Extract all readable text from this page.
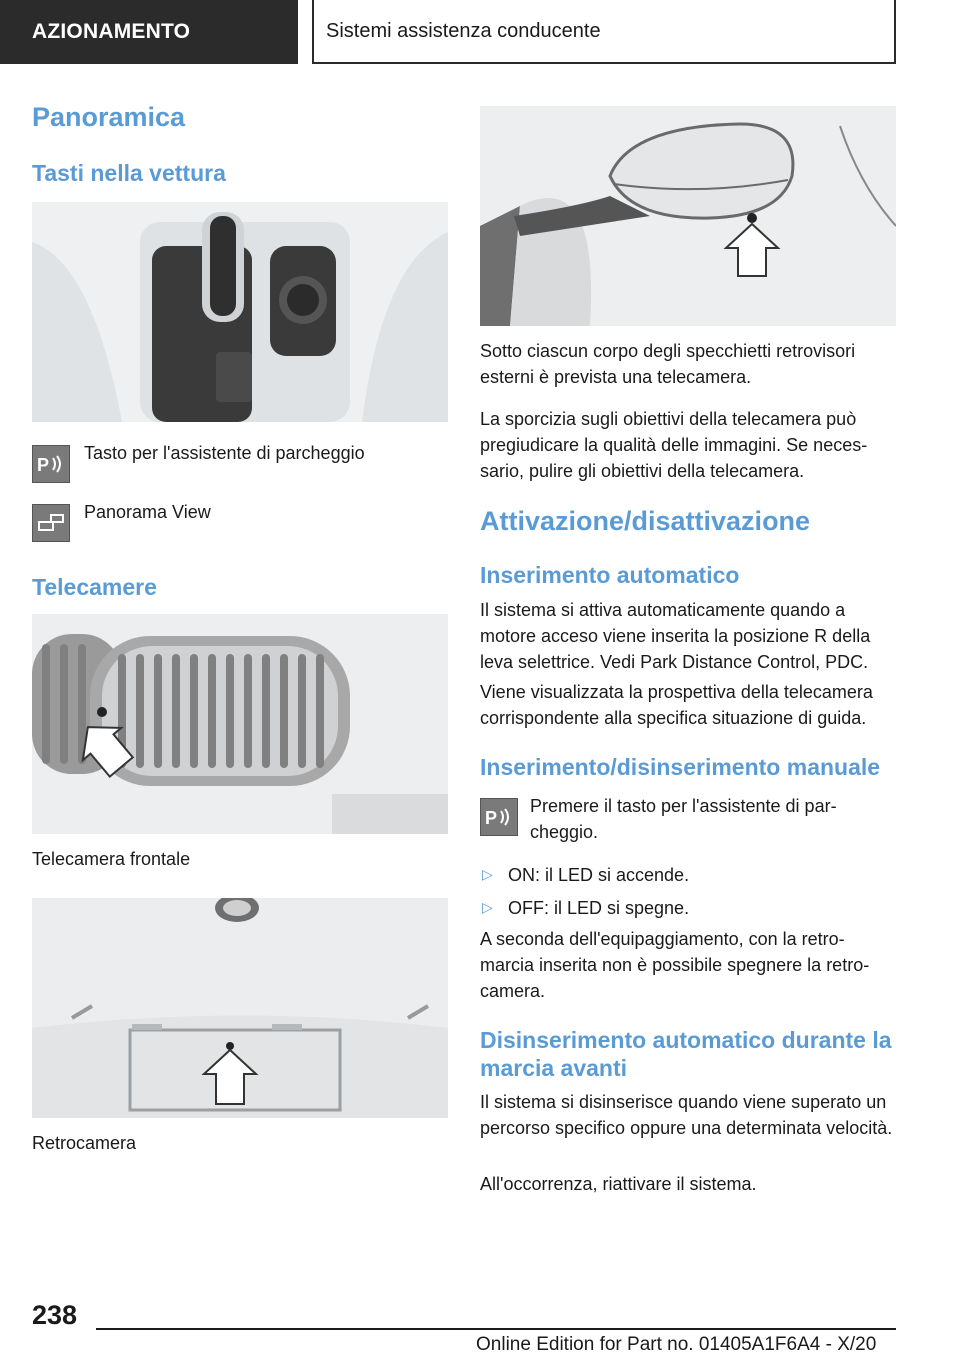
AZIONAMENTO	Sistemi assistenza conducente
Panoramica
Tasti nella vettura
P

Tasto per l'assistente di parcheggio

Panorama View

Telecamere

Telecamera frontale

Retrocamera

Sotto ciascun corpo degli specchietti retrovisori esterni è prevista una telecamera.

La sporcizia sugli obiettivi della telecamera può pregiudicare la qualità delle immagini. Se neces-sario, pulire gli obiettivi della telecamera.

Attivazione/disattivazione
Inserimento automatico

Il sistema si attiva automaticamente quando a motore acceso viene inserita la posizione R della leva selettrice. Vedi Park Distance Control, PDC.

Viene visualizzata la prospettiva della telecamera corrispondente alla specifica situazione di guida.

Inserimento/disinserimento manuale
P

Premere il tasto per l'assistente di par-cheggio.

▷ ON: il LED si accende.
▷ OFF: il LED si spegne.

A seconda dell'equipaggiamento, con la retro-marcia inserita non è possibile spegnere la retro-camera.

Disinserimento automatico durante la marcia avanti

Il sistema si disinserisce quando viene superato un percorso specifico oppure una determinata velocità.

All'occorrenza, riattivare il sistema.

238
Online Edition for Part no. 01405A1F6A4 - X/20
